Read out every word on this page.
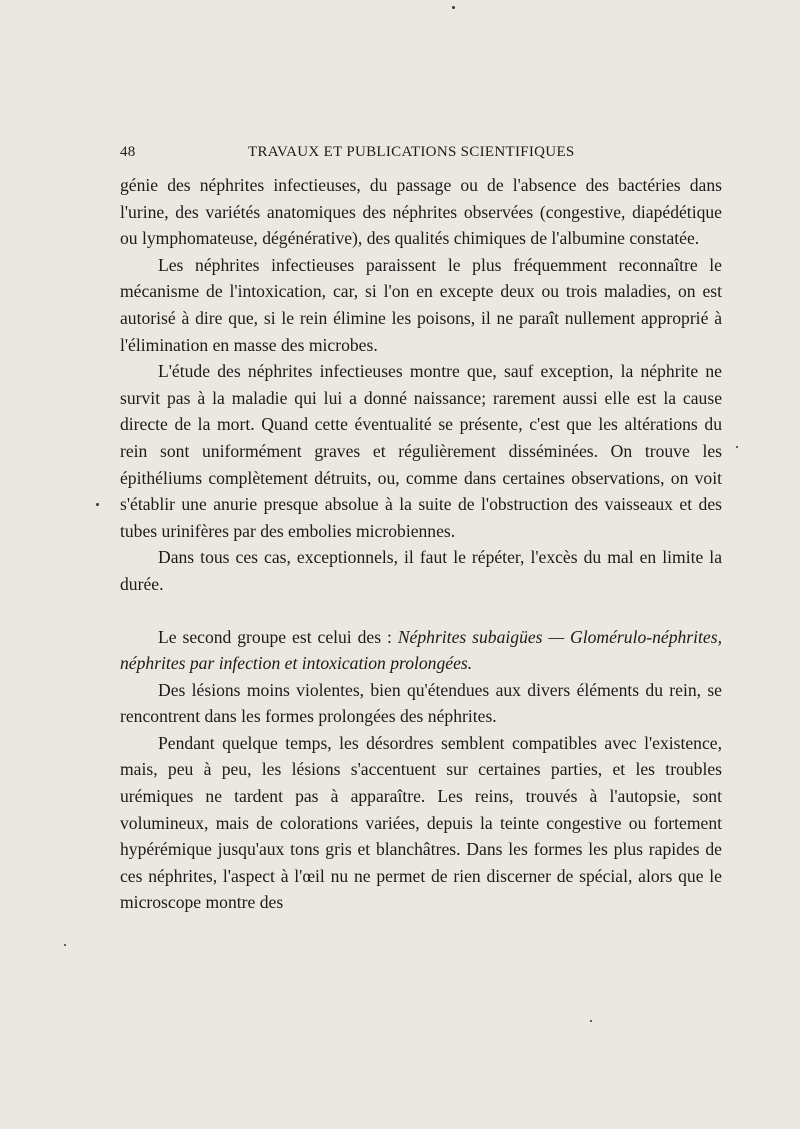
48	TRAVAUX ET PUBLICATIONS SCIENTIFIQUES

génie des néphrites infectieuses, du passage ou de l'absence des bactéries dans l'urine, des variétés anatomiques des néphrites observées (congestive, diapédétique ou lymphomateuse, dégénérative), des qualités chimiques de l'albumine constatée.

Les néphrites infectieuses paraissent le plus fréquemment reconnaître le mécanisme de l'intoxication, car, si l'on en excepte deux ou trois maladies, on est autorisé à dire que, si le rein élimine les poisons, il ne paraît nullement approprié à l'élimination en masse des microbes.

L'étude des néphrites infectieuses montre que, sauf exception, la néphrite ne survit pas à la maladie qui lui a donné naissance; rarement aussi elle est la cause directe de la mort. Quand cette éventualité se présente, c'est que les altérations du rein sont uniformément graves et régulièrement disséminées. On trouve les épithéliums complètement détruits, ou, comme dans certaines observations, on voit s'établir une anurie presque absolue à la suite de l'obstruction des vaisseaux et des tubes urinifères par des embolies microbiennes.

Dans tous ces cas, exceptionnels, il faut le répéter, l'excès du mal en limite la durée.

Le second groupe est celui des : Néphrites subaigües — Glomérulo-néphrites, néphrites par infection et intoxication prolongées.

Des lésions moins violentes, bien qu'étendues aux divers éléments du rein, se rencontrent dans les formes prolongées des néphrites.

Pendant quelque temps, les désordres semblent compatibles avec l'existence, mais, peu à peu, les lésions s'accentuent sur certaines parties, et les troubles urémiques ne tardent pas à apparaître. Les reins, trouvés à l'autopsie, sont volumineux, mais de colorations variées, depuis la teinte congestive ou fortement hypérémique jusqu'aux tons gris et blanchâtres. Dans les formes les plus rapides de ces néphrites, l'aspect à l'œil nu ne permet de rien discerner de spécial, alors que le microscope montre des
